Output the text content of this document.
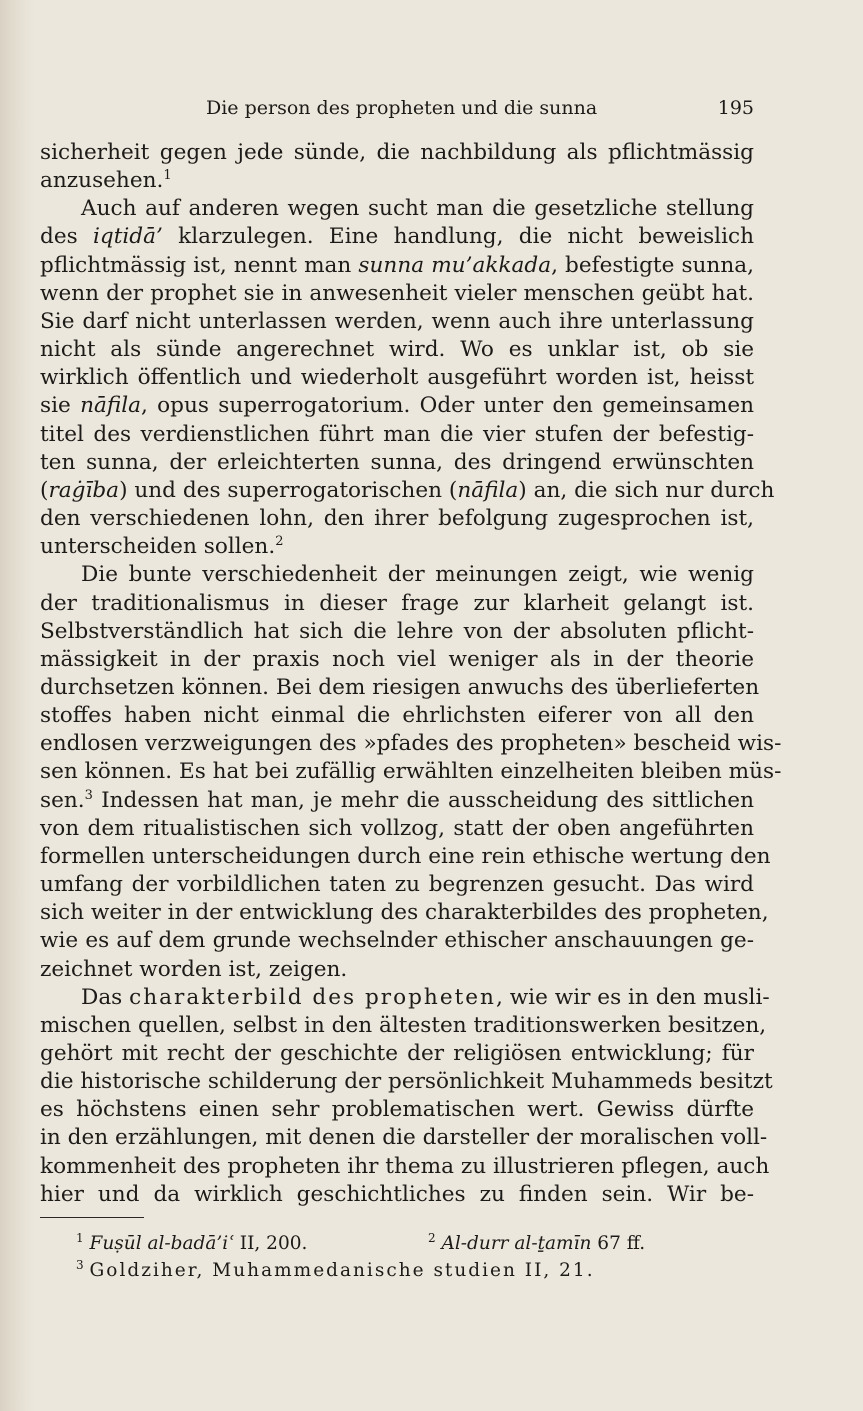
Die person des propheten und die sunna	195
sicherheit gegen jede sünde, die nachbildung als pflichtmässig
anzusehen.$^1$
Auch auf anderen wegen sucht man die gesetzliche stellung
des iqtidā’ klarzulegen. Eine handlung, die nicht beweislich
pflichtmässig ist, nennt man sunna mu’akkada, befestigte sunna,
wenn der prophet sie in anwesenheit vieler menschen geübt hat.
Sie darf nicht unterlassen werden, wenn auch ihre unterlassung
nicht als sünde angerechnet wird. Wo es unklar ist, ob sie
wirklich öffentlich und wiederholt ausgeführt worden ist, heisst
sie nāfila, opus superrogatorium. Oder unter den gemeinsamen
titel des verdienstlichen führt man die vier stufen der befestig-
ten sunna, der erleichterten sunna, des dringend erwünschten
(raġība) und des superrogatorischen (nāfila) an, die sich nur durch
den verschiedenen lohn, den ihrer befolgung zugesprochen ist,
unterscheiden sollen.$^2$
Die bunte verschiedenheit der meinungen zeigt, wie wenig
der traditionalismus in dieser frage zur klarheit gelangt ist.
Selbstverständlich hat sich die lehre von der absoluten pflicht-
mässigkeit in der praxis noch viel weniger als in der theorie
durchsetzen können. Bei dem riesigen anwuchs des überlieferten
stoffes haben nicht einmal die ehrlichsten eiferer von all den
endlosen verzweigungen des »pfades des propheten» bescheid wis-
sen können. Es hat bei zufällig erwählten einzelheiten bleiben müs-
sen.$^3$ Indessen hat man, je mehr die ausscheidung des sittlichen
von dem ritualistischen sich vollzog, statt der oben angeführten
formellen unterscheidungen durch eine rein ethische wertung den
umfang der vorbildlichen taten zu begrenzen gesucht. Das wird
sich weiter in der entwicklung des charakterbildes des propheten,
wie es auf dem grunde wechselnder ethischer anschauungen ge-
zeichnet worden ist, zeigen.
Das charakterbild des propheten, wie wir es in den musli-
mischen quellen, selbst in den ältesten traditionswerken besitzen,
gehört mit recht der geschichte der religiösen entwicklung; für
die historische schilderung der persönlichkeit Muhammeds besitzt
es höchstens einen sehr problematischen wert. Gewiss dürfte
in den erzählungen, mit denen die darsteller der moralischen voll-
kommenheit des propheten ihr thema zu illustrieren pflegen, auch
hier und da wirklich geschichtliches zu finden sein. Wir be-
$^1$ Fuṣūl al-badā’iʿ II, 200.	$^2$ Al-durr al-ṯamīn 67 ff.
$^3$ Goldziher, Muhammedanische studien II, 21.
